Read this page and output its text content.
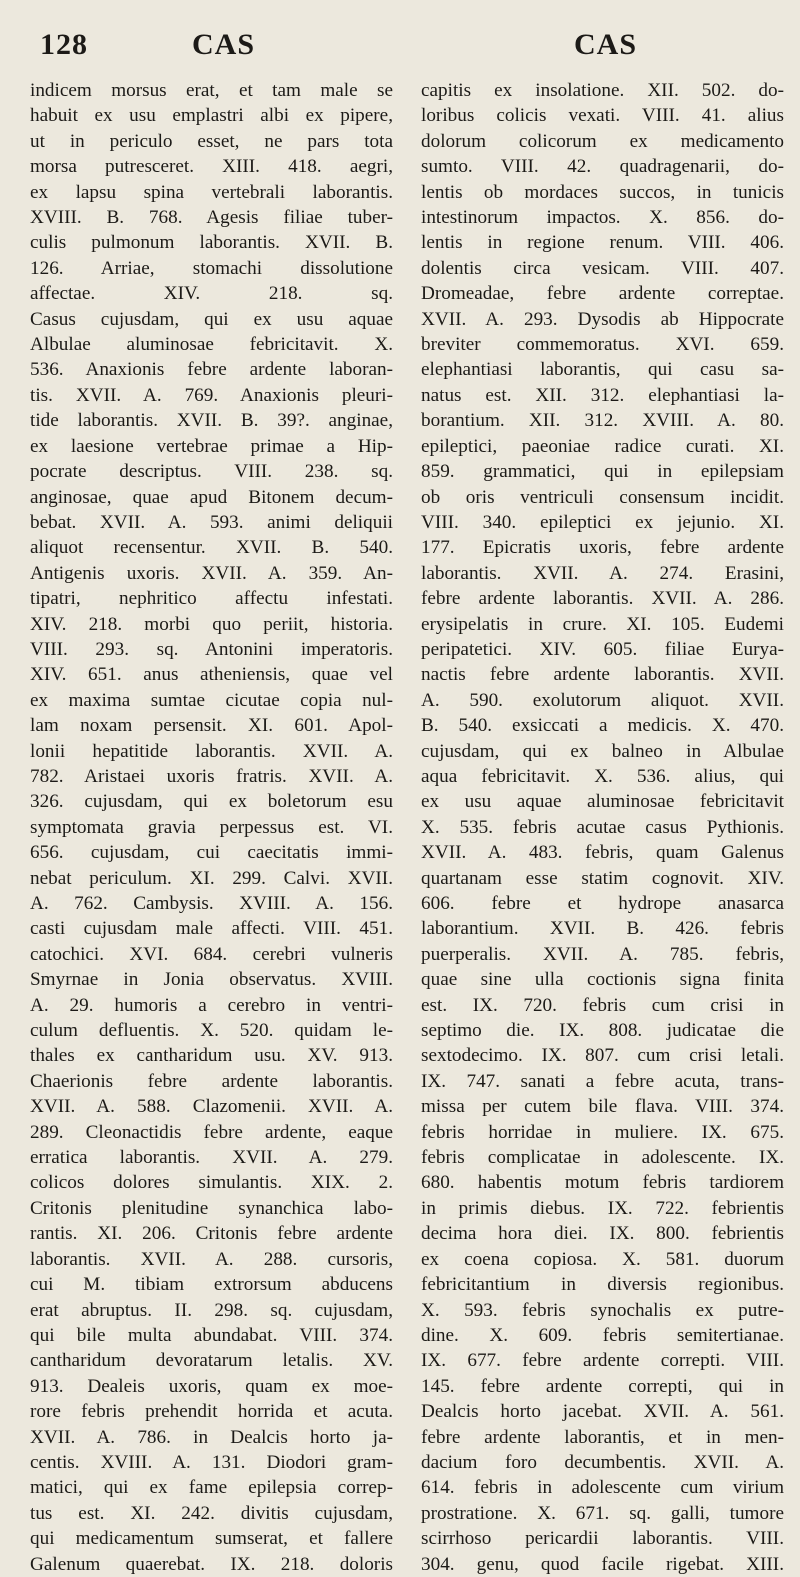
128	CAS	CAS
indicem morsus erat, et tam male se
habuit ex usu emplastri albi ex pipere,
ut in periculo esset, ne pars tota
morsa putresceret. XIII. 418. aegri,
ex lapsu spina vertebrali laborantis.
XVIII. B. 768. Agesis filiae tuber-
culis pulmonum laborantis. XVII. B.
126. Arriae, stomachi dissolutione
affectae. XIV. 218. sq.
Casus cujusdam, qui ex usu aquae
Albulae aluminosae febricitavit. X.
536. Anaxionis febre ardente laboran-
tis. XVII. A. 769. Anaxionis pleuri-
tide laborantis. XVII. B. 39?. anginae,
ex laesione vertebrae primae a Hip-
pocrate descriptus. VIII. 238. sq.
anginosae, quae apud Bitonem decum-
bebat. XVII. A. 593. animi deliquii
aliquot recensentur. XVII. B. 540.
Antigenis uxoris. XVII. A. 359. An-
tipatri, nephritico affectu infestati.
XIV. 218. morbi quo periit, historia.
VIII. 293. sq. Antonini imperatoris.
XIV. 651. anus atheniensis, quae vel
ex maxima sumtae cicutae copia nul-
lam noxam persensit. XI. 601. Apol-
lonii hepatitide laborantis. XVII. A.
782. Aristaei uxoris fratris. XVII. A.
326. cujusdam, qui ex boletorum esu
symptomata gravia perpessus est. VI.
656. cujusdam, cui caecitatis immi-
nebat periculum. XI. 299. Calvi. XVII.
A. 762. Cambysis. XVIII. A. 156.
casti cujusdam male affecti. VIII. 451.
catochici. XVI. 684. cerebri vulneris
Smyrnae in Jonia observatus. XVIII.
A. 29. humoris a cerebro in ventri-
culum defluentis. X. 520. quidam le-
thales ex cantharidum usu. XV. 913.
Chaerionis febre ardente laborantis.
XVII. A. 588. Clazomenii. XVII. A.
289. Cleonactidis febre ardente, eaque
erratica laborantis. XVII. A. 279.
colicos dolores simulantis. XIX. 2.
Critonis plenitudine synanchica labo-
rantis. XI. 206. Critonis febre ardente
laborantis. XVII. A. 288. cursoris,
cui M. tibiam extrorsum abducens
erat abruptus. II. 298. sq. cujusdam,
qui bile multa abundabat. VIII. 374.
cantharidum devoratarum letalis. XV.
913. Dealeis uxoris, quam ex moe-
rore febris prehendit horrida et acuta.
XVII. A. 786. in Dealcis horto ja-
centis. XVIII. A. 131. Diodori gram-
matici, qui ex fame epilepsia correp-
tus est. XI. 242. divitis cujusdam,
qui medicamentum sumserat, et fallere
Galenum quaerebat. IX. 218. doloris
capitis ex insolatione. XII. 502. do-
loribus colicis vexati. VIII. 41. alius
dolorum colicorum ex medicamento
sumto. VIII. 42. quadragenarii, do-
lentis ob mordaces succos, in tunicis
intestinorum impactos. X. 856. do-
lentis in regione renum. VIII. 406.
dolentis circa vesicam. VIII. 407.
Dromeadae, febre ardente correptae.
XVII. A. 293. Dysodis ab Hippocrate
breviter commemoratus. XVI. 659.
elephantiasi laborantis, qui casu sa-
natus est. XII. 312. elephantiasi la-
borantium. XII. 312. XVIII. A. 80.
epileptici, paeoniae radice curati. XI.
859. grammatici, qui in epilepsiam
ob oris ventriculi consensum incidit.
VIII. 340. epileptici ex jejunio. XI.
177. Epicratis uxoris, febre ardente
laborantis. XVII. A. 274. Erasini,
febre ardente laborantis. XVII. A. 286.
erysipelatis in crure. XI. 105. Eudemi
peripatetici. XIV. 605. filiae Eurya-
nactis febre ardente laborantis. XVII.
A. 590. exolutorum aliquot. XVII.
B. 540. exsiccati a medicis. X. 470.
cujusdam, qui ex balneo in Albulae
aqua febricitavit. X. 536. alius, qui
ex usu aquae aluminosae febricitavit
X. 535. febris acutae casus Pythionis.
XVII. A. 483. febris, quam Galenus
quartanam esse statim cognovit. XIV.
606. febre et hydrope anasarca
laborantium. XVII. B. 426. febris
puerperalis. XVII. A. 785. febris,
quae sine ulla coctionis signa finita
est. IX. 720. febris cum crisi in
septimo die. IX. 808. judicatae die
sextodecimo. IX. 807. cum crisi letali.
IX. 747. sanati a febre acuta, trans-
missa per cutem bile flava. VIII. 374.
febris horridae in muliere. IX. 675.
febris complicatae in adolescente. IX.
680. habentis motum febris tardiorem
in primis diebus. IX. 722. febrientis
decima hora diei. IX. 800. febrientis
ex coena copiosa. X. 581. duorum
febricitantium in diversis regionibus.
X. 593. febris synochalis ex putre-
dine. X. 609. febris semitertianae.
IX. 677. febre ardente correpti. VIII.
145. febre ardente correpti, qui in
Dealcis horto jacebat. XVII. A. 561.
febre ardente laborantis, et in men-
dacium foro decumbentis. XVII. A.
614. febris in adolescente cum virium
prostratione. X. 671. sq. galli, tumore
scirrhoso pericardii laborantis. VIII.
304. genu, quod facile rigebat. XIII.
